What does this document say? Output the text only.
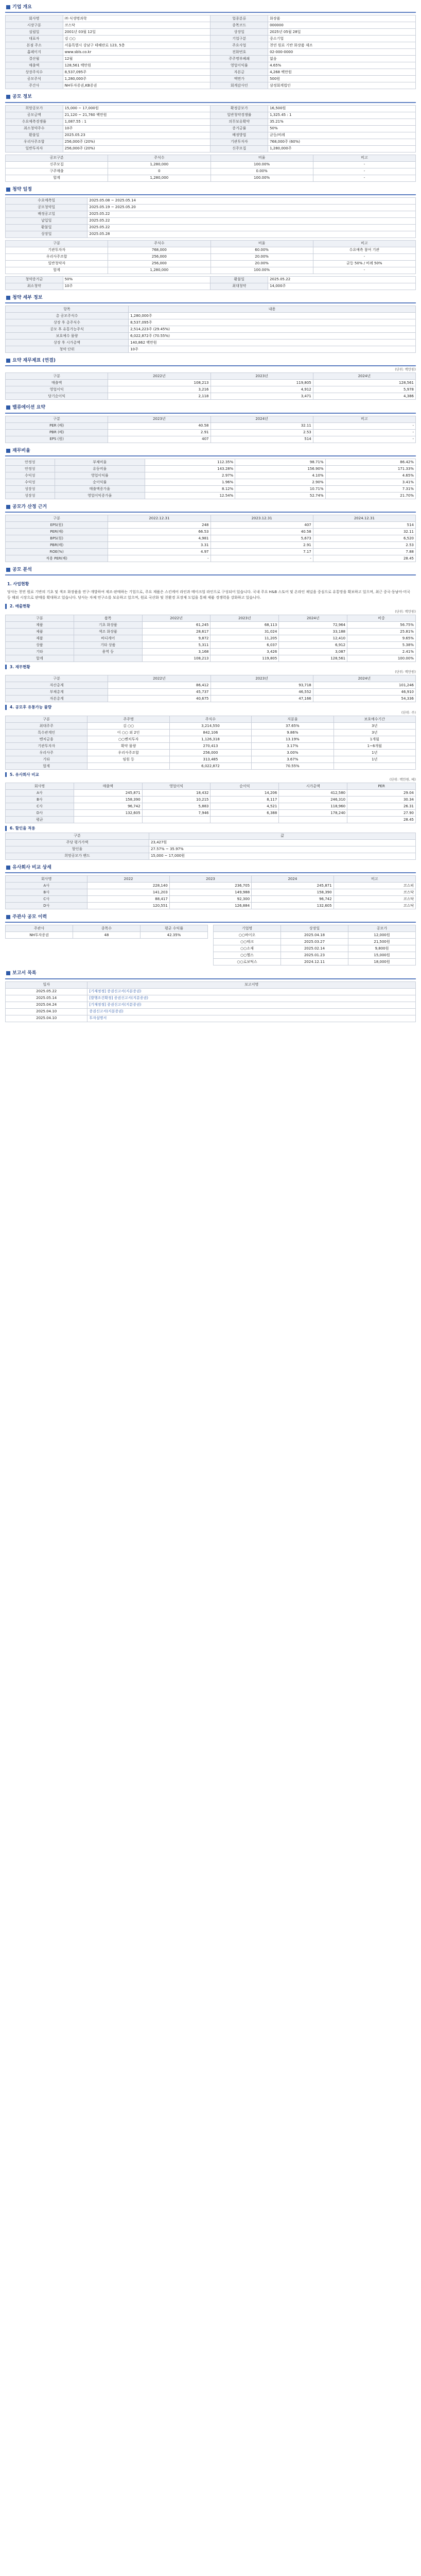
기업 개요
회사명	㈜ 식생명과학	업종분류	화장품
시장구분	코스닥	종목코드	000000
설립일	2001년 03월 12일	상장일	2025년 05월 28일
대표자	김 ○○	기업구분	중소기업
본점 주소	서울특별시 강남구 테헤란로 123, 5층	주요사업	천연 원료 기반 화장품 제조
홈페이지	www.sbls.co.kr	전화번호	02-000-0000
결산월	12월	주주명부폐쇄	없음
매출액	128,561 백만원	영업이익률	4.65%
상장주식수	8,537,095주	자본금	4,268 백만원
공모주식	1,280,000주	액면가	500원
주간사	NH투자증권,KB증권	회계감사인	삼정회계법인
공모 정보
희망공모가	15,000 ~ 17,000원	확정공모가	16,500원
공모금액	21,120 ~ 21,760 백만원	일반청약경쟁률	1,325.45 : 1
수요예측경쟁률	1,087.55 : 1	의무보유확약	35.21%
최소청약주수	10주	증거금률	50%
환불일	2025.05.23	배정방법	균등/비례
우리사주조합	256,000주 (20%)	기관투자자	768,000주 (60%)
일반투자자	256,000주 (20%)	신주모집	1,280,000주
공모구분	주식수	비율	비고
신주모집	1,280,000	100.00%	-
구주매출	0	0.00%	-
합계	1,280,000	100.00%	-
청약 일정
수요예측일	2025.05.08 ~ 2025.05.14
공모청약일	2025.05.19 ~ 2025.05.20
배정공고일	2025.05.22
납입일	2025.05.22
환불일	2025.05.22
상장일	2025.05.28
구분	주식수	비율	비고
기관투자자	768,000	60.00%	수요예측 참여 기관
우리사주조합	256,000	20.00%	-
일반청약자	256,000	20.00%	균등 50% / 비례 50%
합계	1,280,000	100.00%	-
청약증거금	50%	환불일	2025.05.22
최소청약	10주	최대청약	14,000주
청약 세부 정보
항목	내용
총 공모주식수	1,280,000주
상장 후 총주식수	8,537,095주
공모 후 유통가능주식	2,514,223주 (29.45%)
보호예수 물량	6,022,872주 (70.55%)
상장 후 시가총액	140,862 백만원
청약 단위	10주
요약 재무제표 (연결)
(단위: 백만원)
구분	2022년	2023년	2024년
매출액	108,213	119,805	128,561
영업이익	3,216	4,912	5,978
당기순이익	2,118	3,471	4,386
밸류에이션 요약
구분	2023년	2024년	비고
PER (배)	40.58	32.11	-
PBR (배)	2.91	2.53	-
EPS (원)	407	514	-
재무비율
안정성	부채비율	112.35%	98.71%	86.42%
안정성	유동비율	143.28%	156.90%	171.33%
수익성	영업이익률	2.97%	4.10%	4.65%
수익성	순이익률	1.96%	2.90%	3.41%
성장성	매출액증가율	8.12%	10.71%	7.31%
성장성	영업이익증가율	12.54%	52.74%	21.70%
공모가 산정 근거
구분	2022.12.31	2023.12.31	2024.12.31
EPS(원)	248	407	514
PER(배)	66.53	40.58	32.11
BPS(원)	4,981	5,673	6,520
PBR(배)	3.31	2.91	2.53
ROE(%)	4.97	7.17	7.88
적용 PER(배)	-	-	28.45
공모 분석
1. 사업현황
당사는 천연 원료 기반의 기초 및 색조 화장품을 연구·개발하여 제조·판매하는 기업으로, 주요 제품은 스킨케어 라인과 메이크업 라인으로 구성되어 있습니다. 국내 주요 H&B 스토어 및 온라인 채널을 중심으로 유통망을 확보하고 있으며, 최근 중국·동남아·미국 등 해외 시장으로 판매를 확대하고 있습니다. 당사는 자체 연구소를 보유하고 있으며, 원료 국산화 및 친환경 포장재 도입을 통해 제품 경쟁력을 강화하고 있습니다.
2. 매출현황
(단위: 백만원)
구분	품목	2022년	2023년	2024년	비중
제품	기초 화장품	61,245	68,113	72,964	56.75%
제품	색조 화장품	28,617	31,024	33,188	25.81%
제품	바디케어	9,872	11,205	12,410	9.65%
상품	기타 상품	5,311	6,037	6,912	5.38%
기타	용역 등	3,168	3,426	3,087	2.41%
합계		108,213	119,805	128,561	100.00%
3. 재무현황
(단위: 백만원)
구분	2022년	2023년	2024년
자산총계	86,412	93,718	101,246
부채총계	45,737	46,552	46,910
자본총계	40,675	47,166	54,336
4. 공모후 유통가능 물량
(단위: 주)
구분	주주명	주식수	지분율	보호예수기간
최대주주	김 ○○	3,214,550	37.65%	3년
특수관계인	이 ○○ 외 2인	842,106	9.86%	3년
벤처금융	○○벤처투자	1,126,318	13.19%	1개월
기관투자자	확약 물량	270,413	3.17%	1~6개월
우리사주	우리사주조합	256,000	3.00%	1년
기타	임원 등	313,485	3.67%	1년
합계		6,022,872	70.55%	
5. 유사회사 비교
(단위: 백만원, 배)
회사명	매출액	영업이익	순이익	시가총액	PER
A사	245,871	18,432	14,206	412,580	29.04
B사	158,390	10,215	8,117	246,310	30.34
C사	96,742	5,883	4,521	118,960	26.31
D사	132,605	7,946	6,388	178,240	27.90
평균					28.45
6. 할인율 적용
구분	값
주당 평가가액	23,427원
할인율	27.57% ~ 35.97%
희망공모가 밴드	15,000 ~ 17,000원
유사회사 비교 상세
회사명	2022	2023	2024	비고
A사	228,140	236,705	245,871	코스피
B사	141,203	149,988	158,390	코스닥
C사	88,417	92,300	96,742	코스닥
D사	120,551	126,884	132,605	코스닥
주관사 공모 이력
주관사	종목수	평균 수익률
NH투자증권	48	42.35%
기업명	상장일	공모가
○○바이오	2025.04.18	12,000원
○○테크	2025.03.27	21,500원
○○소재	2025.02.14	9,800원
○○헬스	2025.01.23	15,000원
○○로보틱스	2024.12.11	18,000원
보고서 목록
일자	보고서명
2025.05.22	[기재정정] 증권신고서(지분증권)
2025.05.14	[발행조건확정] 증권신고서(지분증권)
2025.04.24	[기재정정] 증권신고서(지분증권)
2025.04.10	증권신고서(지분증권)
2025.04.10	투자설명서
